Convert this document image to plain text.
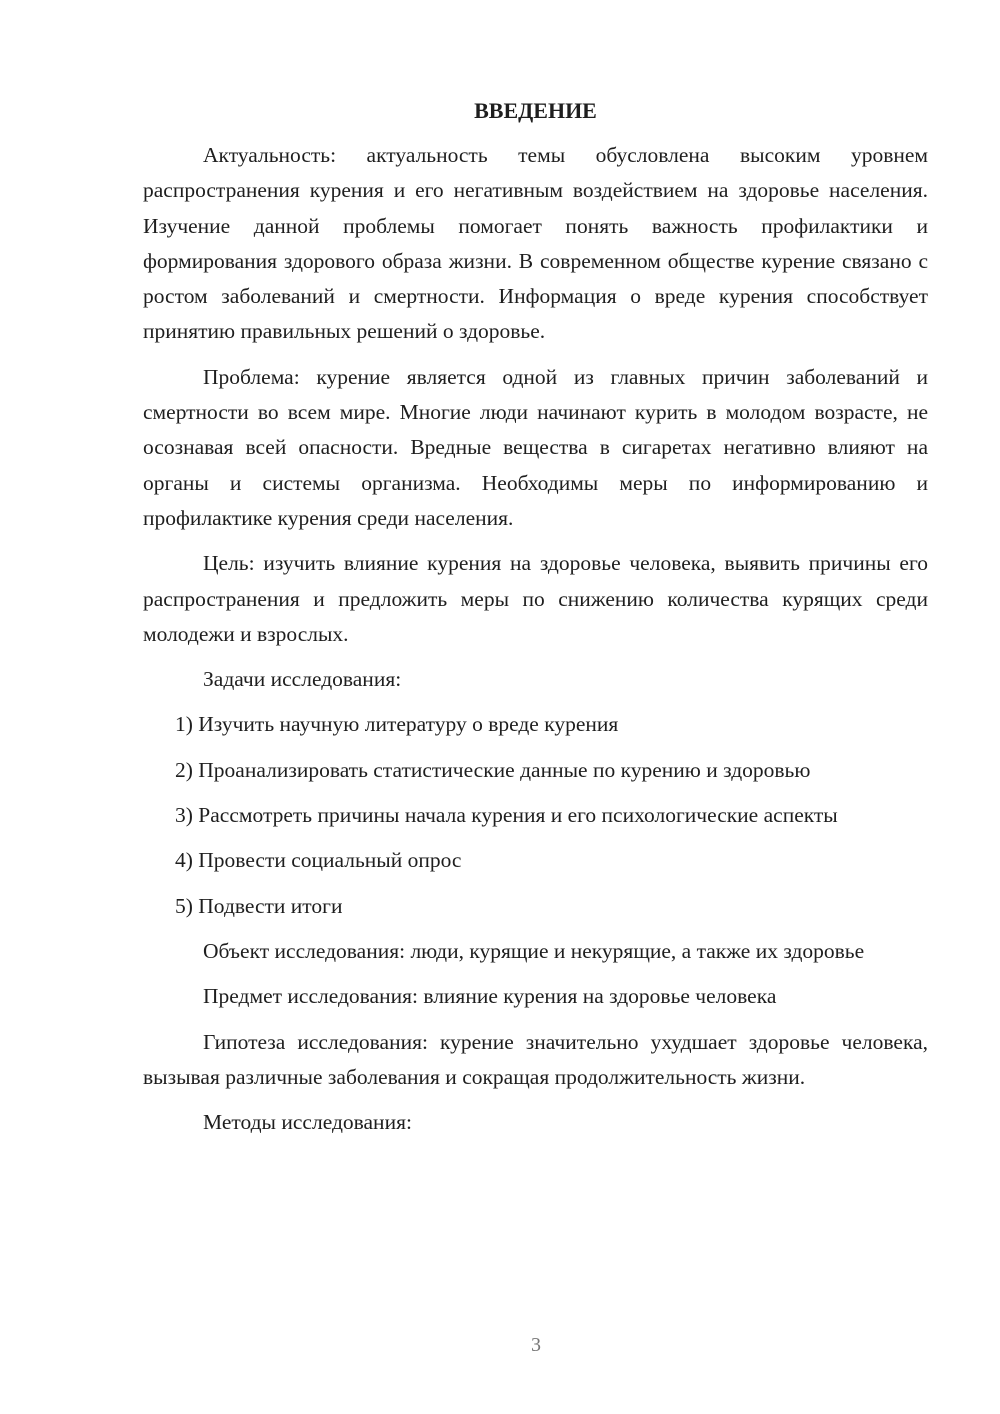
ВВЕДЕНИЕ

Актуальность: актуальность темы обусловлена высоким уровнем распространения курения и его негативным воздействием на здоровье населения. Изучение данной проблемы помогает понять важность профилактики и формирования здорового образа жизни. В современном обществе курение связано с ростом заболеваний и смертности. Информация о вреде курения способствует принятию правильных решений о здоровье.

Проблема: курение является одной из главных причин заболеваний и смертности во всем мире. Многие люди начинают курить в молодом возрасте, не осознавая всей опасности. Вредные вещества в сигаретах негативно влияют на органы и системы организма. Необходимы меры по информированию и профилактике курения среди населения.

Цель: изучить влияние курения на здоровье человека, выявить причины его распространения и предложить меры по снижению количества курящих среди молодежи и взрослых.

Задачи исследования:

1) Изучить научную литературу о вреде курения

2) Проанализировать статистические данные по курению и здоровью

3) Рассмотреть причины начала курения и его психологические аспекты

4) Провести социальный опрос

5) Подвести итоги

Объект исследования: люди, курящие и некурящие, а также их здоровье

Предмет исследования: влияние курения на здоровье человека

Гипотеза исследования: курение значительно ухудшает здоровье человека, вызывая различные заболевания и сокращая продолжительность жизни.

Методы исследования:

3
